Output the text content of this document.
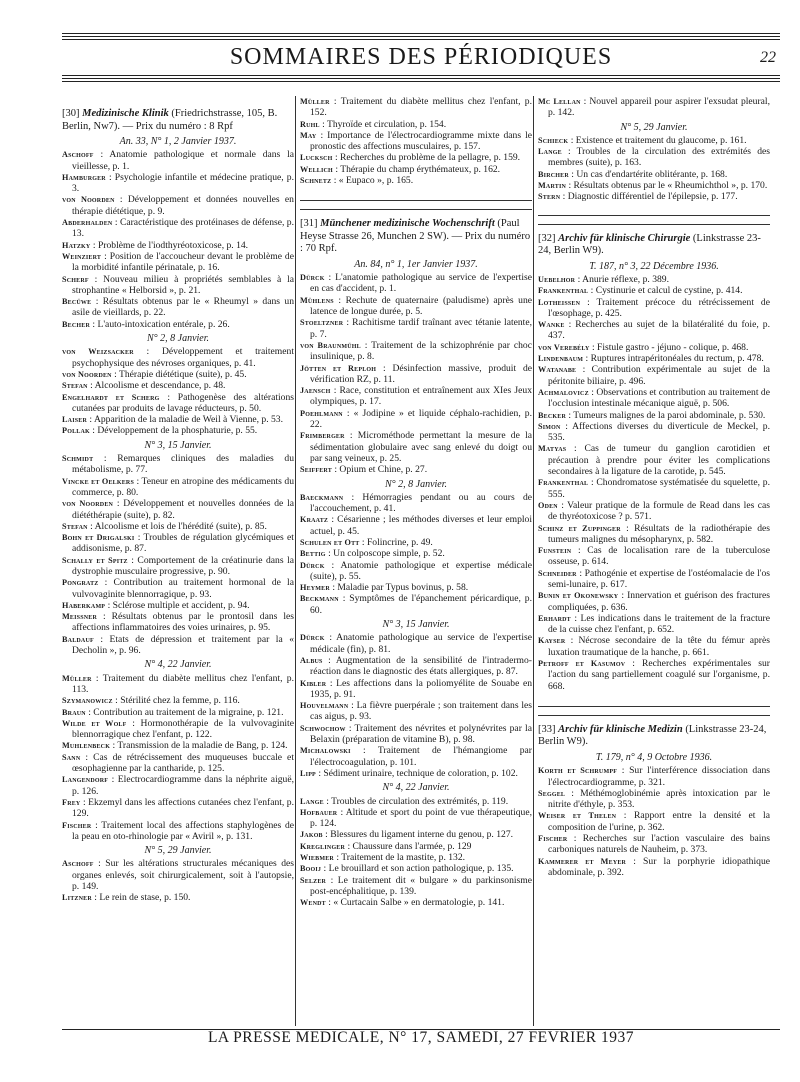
SOMMAIRES DES PÉRIODIQUES	22
[30] Medizinische Klinik (Friedrichstrasse, 105, B. Berlin, Nw7). — Prix du numéro : 8 Rpf
An. 33, N° 1, 2 Janvier 1937.

Aschoff : Anatomie pathologique et normale dans la vieillesse, p. 1.

Hamburger : Psychologie infantile et médecine pratique, p. 3.

von Noorden : Développement et données nouvelles en thérapie diététique, p. 9.

Abderhalden : Caractéristique des protéinases de défense, p. 13.

Hatzky : Problème de l'iodthyréotoxicose, p. 14.

Weinziert : Position de l'accoucheur devant le problème de la morbidité infantile périnatale, p. 16.

Scherf : Nouveau milieu à propriétés semblables à la strophantine « Helborsid », p. 21.

Becüwe : Résultats obtenus par le « Rheumyl » dans un asile de vieillards, p. 22.

Becher : L'auto-intoxication entérale, p. 26.

N° 2, 8 Janvier.

von Weizsacker : Développement et traitement psychophysique des névroses organiques, p. 41.

von Noorden : Thérapie diététique (suite), p. 45.

Stefan : Alcoolisme et descendance, p. 48.

Engelhardt et Scherg : Pathogenèse des altérations cutanées par produits de lavage réducteurs, p. 50.

Laiser : Apparition de la maladie de Weil à Vienne, p. 53.

Pollak : Développement de la phosphaturie, p. 55.

N° 3, 15 Janvier.

Schmidt : Remarques cliniques des maladies du métabolisme, p. 77.

Vincke et Oelkers : Teneur en atropine des médicaments du commerce, p. 80.

von Noorden : Développement et nouvelles données de la diététhérapie (suite), p. 82.

Stefan : Alcoolisme et lois de l'hérédité (suite), p. 85.

Bohn et Drigalski : Troubles de régulation glycémiques et addisonisme, p. 87.

Schally et Spitz : Comportement de la créatinurie dans la dystrophie musculaire progressive, p. 90.

Pongratz : Contribution au traitement hormonal de la vulvovaginite blennorragique, p. 93.

Haberkamp : Sclérose multiple et accident, p. 94.

Meissner : Résultats obtenus par le prontosil dans les affections inflammatoires des voies urinaires, p. 95.

Baldauf : Etats de dépression et traitement par la « Decholin », p. 96.

N° 4, 22 Janvier.

Müller : Traitement du diabète mellitus chez l'enfant, p. 113.

Szymanowicz : Stérilité chez la femme, p. 116.

Braun : Contribution au traitement de la migraine, p. 121.

Wilde et Wolf : Hormonothérapie de la vulvovaginite blennorragique chez l'enfant, p. 122.

Muhlenbeck : Transmission de la maladie de Bang, p. 124.

Sann : Cas de rétrécissement des muqueuses buccale et œsophagienne par la cantharide, p. 125.

Langendorf : Electrocardiogramme dans la néphrite aiguë, p. 126.

Frey : Ekzemyl dans les affections cutanées chez l'enfant, p. 129.

Fischer : Traitement local des affections staphylogènes de la peau en oto-rhinologie par « Aviril », p. 131.

N° 5, 29 Janvier.

Aschoff : Sur les altérations structurales mécaniques des organes enlevés, soit chirurgicalement, soit à l'autopsie, p. 149.

Litzner : Le rein de stase, p. 150.

Müller : Traitement du diabète mellitus chez l'enfant, p. 152.

Ruhl : Thyroïde et circulation, p. 154.

May : Importance de l'électrocardiogramme mixte dans le pronostic des affections musculaires, p. 157.

Lucksch : Recherches du problème de la pellagre, p. 159.

Wellich : Thérapie du champ érythémateux, p. 162.

Schnetz : « Eupaco », p. 165.

[31] Münchener medizinische Wochenschrift (Paul Heyse Strasse 26, Munchen 2 SW). — Prix du numéro : 70 Rpf.
An. 84, n° 1, 1er Janvier 1937.

Dürck : L'anatomie pathologique au service de l'expertise en cas d'accident, p. 1.

Mühlens : Rechute de quaternaire (paludisme) après une latence de longue durée, p. 5.

Stoeltzner : Rachitisme tardif traînant avec tétanie latente, p. 7.

von Braunmühl : Traitement de la schizophrénie par choc insulinique, p. 8.

Jötten et Reploh : Désinfection massive, produit de vérification RZ, p. 11.

Jaensch : Race, constitution et entraînement aux XIes Jeux olympiques, p. 17.

Poehlmann : « Jodipine » et liquide céphalo-rachidien, p. 22.

Frimberger : Microméthode permettant la mesure de la sédimentation globulaire avec sang enlevé du doigt ou par sang veineux, p. 25.

Seiffert : Opium et Chine, p. 27.

N° 2, 8 Janvier.

Baeckmann : Hémorragies pendant ou au cours de l'accouchement, p. 41.

Kraatz : Césarienne ; les méthodes diverses et leur emploi actuel, p. 45.

Schulen et Ott : Folincrine, p. 49.

Bettig : Un colposcope simple, p. 52.

Dürck : Anatomie pathologique et expertise médicale (suite), p. 55.

Heymer : Maladie par Typus bovinus, p. 58.

Beckmann : Symptômes de l'épanchement péricardique, p. 60.

N° 3, 15 Janvier.

Dürck : Anatomie pathologique au service de l'expertise médicale (fin), p. 81.

Albus : Augmentation de la sensibilité de l'intradermo-réaction dans le diagnostic des états allergiques, p. 87.

Kibler : Les affections dans la poliomyélite de Souabe en 1935, p. 91.

Houvelmann : La fièvre puerpérale ; son traitement dans les cas aigus, p. 93.

Schwochow : Traitement des névrites et polynévrites par la Belaxin (préparation de vitamine B), p. 98.

Michalowski : Traitement de l'hémangiome par l'électrocoagulation, p. 101.

Lipp : Sédiment urinaire, technique de coloration, p. 102.

N° 4, 22 Janvier.

Lange : Troubles de circulation des extrémités, p. 119.

Hofbauer : Altitude et sport du point de vue thérapeutique, p. 124.

Jakob : Blessures du ligament interne du genou, p. 127.

Kreglinger : Chaussure dans l'armée, p. 129

Wiebmer : Traitement de la mastite, p. 132.

Booij : Le brouillard et son action pathologique, p. 135.

Selzer : Le traitement dit « bulgare » du parkinsonisme post-encéphalitique, p. 139.

Wendt : « Curtacain Salbe » en dermatologie, p. 141.

Mc Lellan : Nouvel appareil pour aspirer l'exsudat pleural, p. 142.

N° 5, 29 Janvier.

Schieck : Existence et traitement du glaucome, p. 161.

Lange : Troubles de la circulation des extrémités des membres (suite), p. 163.

Bircher : Un cas d'endartérite oblitérante, p. 168.

Martin : Résultats obtenus par le « Rheumichthol », p. 170.

Stern : Diagnostic différentiel de l'épilepsie, p. 177.

[32] Archiv für klinische Chirurgie (Linkstrasse 23-24, Berlin W9).
T. 187, n° 3, 22 Décembre 1936.

Uebelhor : Anurie réflexe, p. 389.

Frankenthal : Cystinurie et calcul de cystine, p. 414.

Lothеissen : Traitement précoce du rétrécissement de l'œsophage, p. 425.

Wanke : Recherches au sujet de la bilatéralité du foie, p. 437.

von Verebély : Fistule gastro - jéjuno - colique, p. 468.

Lindenbaum : Ruptures intrapéritonéales du rectum, p. 478.

Watanabe : Contribution expérimentale au sujet de la péritonite biliaire, p. 496.

Achmaloviсz : Observations et contribution au traitement de l'occlusion intestinale mécanique aiguë, p. 506.

Becker : Tumeurs malignes de la paroi abdominale, p. 530.

Simon : Affections diverses du diverticule de Meckel, p. 535.

Matyas : Cas de tumeur du ganglion carotidien et précaution à prendre pour éviter les complications secondaires à la ligature de la carotide, p. 545.

Frankenthal : Chondromatose systématisée du squelette, p. 555.

Oden : Valeur pratique de la formule de Read dans les cas de thyréotoxicose ? p. 571.

Schinz et Zuppinger : Résultats de la radiothérapie des tumeurs malignes du mésopharynx, p. 582.

Funstein : Cas de localisation rare de la tuberculose osseuse, p. 614.

Schneider : Pathogénie et expertise de l'ostéomalacie de l'os semi-lunaire, p. 617.

Bunin et Okonewsky : Innervation et guérison des fractures compliquées, p. 636.

Erhardt : Les indications dans le traitement de la fracture de la cuisse chez l'enfant, p. 652.

Kayser : Nécrose secondaire de la tête du fémur après luxation traumatique de la hanche, p. 661.

Petroff et Kasumov : Recherches expérimentales sur l'action du sang partiellement coagulé sur l'organisme, p. 668.

[33] Archiv für klinische Medizin (Linkstrasse 23-24, Berlin W9).
T. 179, n° 4, 9 Octobre 1936.

Korth et Schrumpf : Sur l'interférence dissociation dans l'électrocardiogramme, p. 321.

Seggel : Méthémoglobinémie après intoxication par le nitrite d'éthyle, p. 353.

Weiser et Thelen : Rapport entre la densité et la composition de l'urine, p. 362.

Fischer : Recherches sur l'action vasculaire des bains carboniques naturels de Nauheim, p. 373.

Kammerer et Meyer : Sur la porphyrie idiopathique abdominale, p. 392.

LA PRESSE MEDICALE, N° 17, SAMEDI, 27 FEVRIER 1937
